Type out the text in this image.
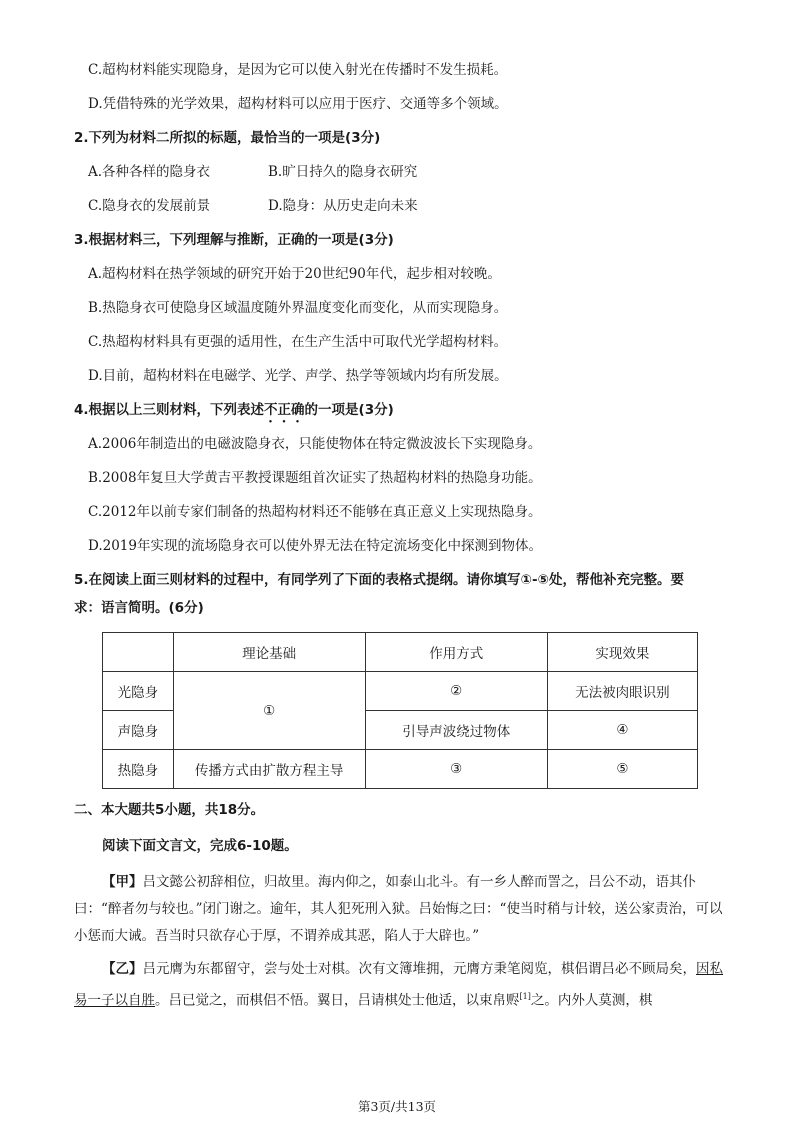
C.超构材料能实现隐身，是因为它可以使入射光在传播时不发生损耗。
D.凭借特殊的光学效果，超构材料可以应用于医疗、交通等多个领域。
2.下列为材料二所拟的标题，最恰当的一项是(3分)
A.各种各样的隐身衣	B.旷日持久的隐身衣研究
C.隐身衣的发展前景	D.隐身：从历史走向未来
3.根据材料三，下列理解与推断，正确的一项是(3分)
A.超构材料在热学领域的研究开始于20世纪90年代，起步相对较晚。
B.热隐身衣可使隐身区域温度随外界温度变化而变化，从而实现隐身。
C.热超构材料具有更强的适用性，在生产生活中可取代光学超构材料。
D.目前，超构材料在电磁学、光学、声学、热学等领域内均有所发展。
4.根据以上三则材料，下列表述不正确的一项是(3分)
A.2006年制造出的电磁波隐身衣，只能使物体在特定微波波长下实现隐身。
B.2008年复旦大学黄吉平教授课题组首次证实了热超构材料的热隐身功能。
C.2012年以前专家们制备的热超构材料还不能够在真正意义上实现热隐身。
D.2019年实现的流场隐身衣可以使外界无法在特定流场变化中探测到物体。
5.在阅读上面三则材料的过程中，有同学列了下面的表格式提纲。请你填写①-⑤处，帮他补充完整。要
求：语言简明。(6分)
	理论基础	作用方式	实现效果
光隐身	①	②	无法被肉眼识别
声隐身		引导声波绕过物体	④
热隐身	传播方式由扩散方程主导	③	⑤
二、本大题共5小题，共18分。
阅读下面文言文，完成6-10题。
【甲】吕文懿公初辞相位，归故里。海内仰之，如泰山北斗。有一乡人醉而詈之，吕公不动，语其仆曰：“醉者勿与较也。”闭门谢之。逾年，其人犯死刑入狱。吕始悔之曰：“使当时稍与计较，送公家责治，可以小惩而大诫。吾当时只欲存心于厚，不谓养成其恶，陷人于大辟也。”
【乙】吕元膺为东都留守，尝与处士对棋。次有文簿堆拥，元膺方秉笔阅览，棋侣谓吕必不顾局矣，因私易一子以自胜。吕已觉之，而棋侣不悟。翼日，吕请棋处士他适，以束帛赆[1]之。内外人莫测，棋
第3页/共13页
